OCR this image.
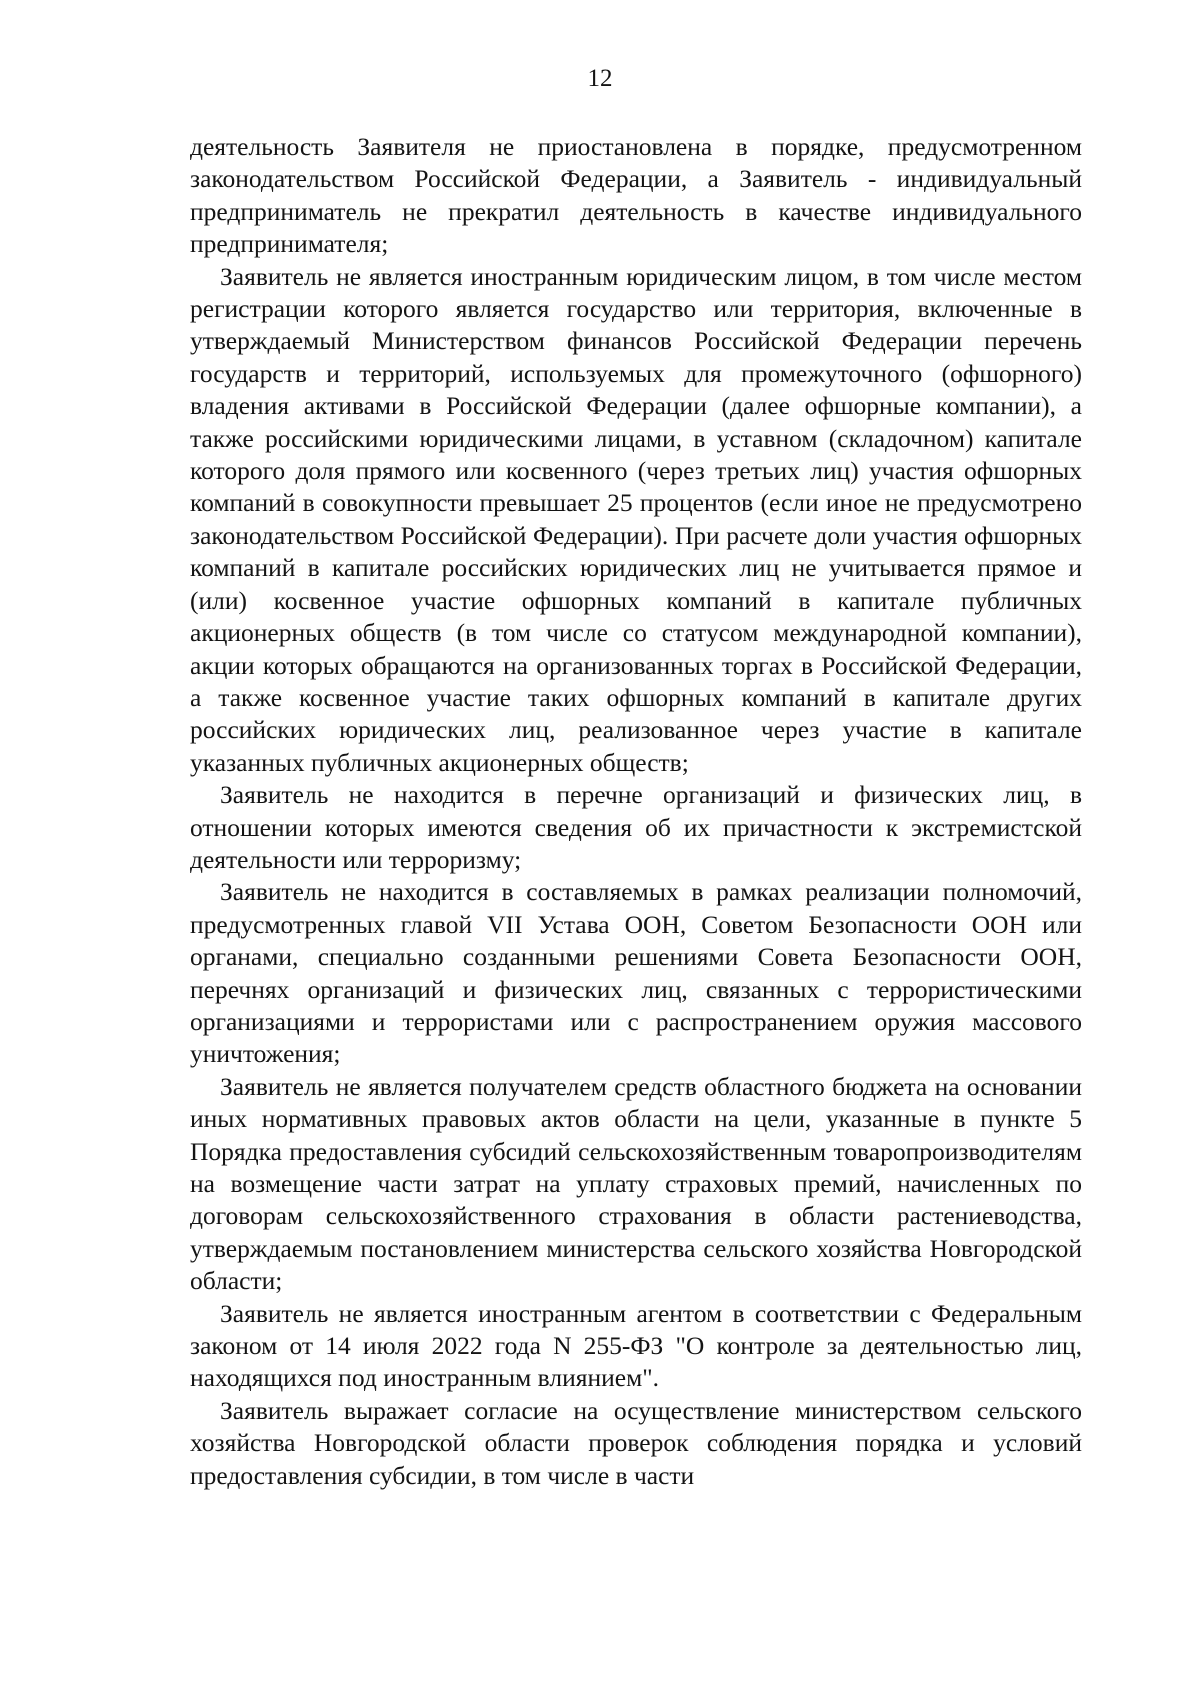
12

деятельность Заявителя не приостановлена в порядке, предусмотренном законодательством Российской Федерации, а Заявитель - индивидуальный предприниматель не прекратил деятельность в качестве индивидуального предпринимателя;

Заявитель не является иностранным юридическим лицом, в том числе местом регистрации которого является государство или территория, включенные в утверждаемый Министерством финансов Российской Федерации перечень государств и территорий, используемых для промежуточного (офшорного) владения активами в Российской Федерации (далее офшорные компании), а также российскими юридическими лицами, в уставном (складочном) капитале которого доля прямого или косвенного (через третьих лиц) участия офшорных компаний в совокупности превышает 25 процентов (если иное не предусмотрено законодательством Российской Федерации). При расчете доли участия офшорных компаний в капитале российских юридических лиц не учитывается прямое и (или) косвенное участие офшорных компаний в капитале публичных акционерных обществ (в том числе со статусом международной компании), акции которых обращаются на организованных торгах в Российской Федерации, а также косвенное участие таких офшорных компаний в капитале других российских юридических лиц, реализованное через участие в капитале указанных публичных акционерных обществ;

Заявитель не находится в перечне организаций и физических лиц, в отношении которых имеются сведения об их причастности к экстремистской деятельности или терроризму;

Заявитель не находится в составляемых в рамках реализации полномочий, предусмотренных главой VII Устава ООН, Советом Безопасности ООН или органами, специально созданными решениями Совета Безопасности ООН, перечнях организаций и физических лиц, связанных с террористическими организациями и террористами или с распространением оружия массового уничтожения;

Заявитель не является получателем средств областного бюджета на основании иных нормативных правовых актов области на цели, указанные в пункте 5 Порядка предоставления субсидий сельскохозяйственным товаропроизводителям на возмещение части затрат на уплату страховых премий, начисленных по договорам сельскохозяйственного страхования в области растениеводства, утверждаемым постановлением министерства сельского хозяйства Новгородской области;

Заявитель не является иностранным агентом в соответствии с Федеральным законом от 14 июля 2022 года N 255-ФЗ "О контроле за деятельностью лиц, находящихся под иностранным влиянием".

Заявитель выражает согласие на осуществление министерством сельского хозяйства Новгородской области проверок соблюдения порядка и условий предоставления субсидии, в том числе в части
